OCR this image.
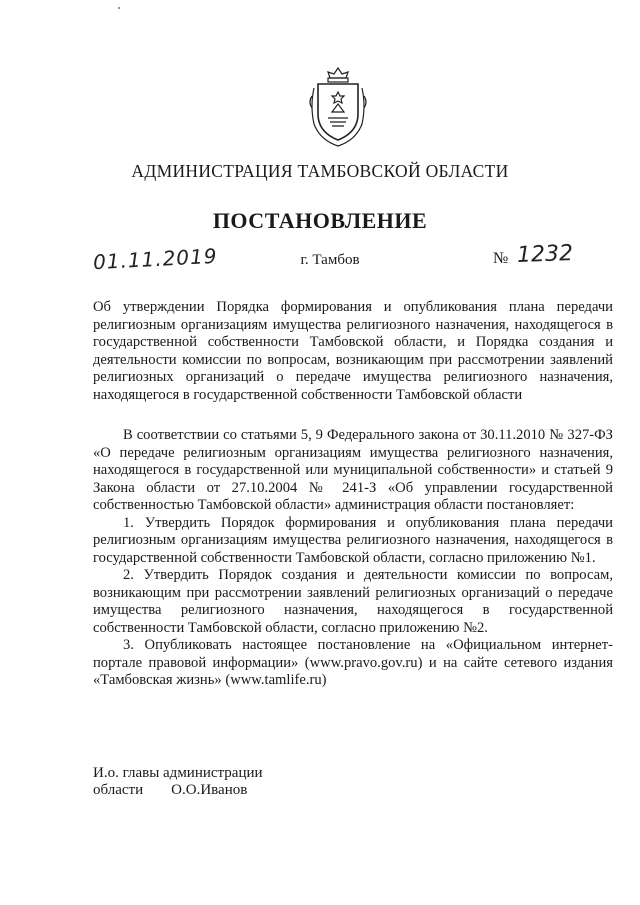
АДМИНИСТРАЦИЯ ТАМБОВСКОЙ ОБЛАСТИ
ПОСТАНОВЛЕНИЕ
01.11.2019	г. Тамбов	№ 1232
Об утверждении Порядка формирования и опубликования плана передачи религиозным организациям имущества религиозного назначения, находящегося в государственной собственности Тамбовской области, и Порядка создания и деятельности комиссии по вопросам, возникающим при рассмотрении заявлений религиозных организаций о передаче имущества религиозного назначения, находящегося в государственной собственности Тамбовской области

В соответствии со статьями 5, 9 Федерального закона от 30.11.2010 № 327-ФЗ «О передаче религиозным организациям имущества религиозного назначения, находящегося в государственной или муниципальной собственности» и статьей 9 Закона области от 27.10.2004 № 241-З «Об управлении государственной собственностью Тамбовской области» администрация области постановляет:

1. Утвердить Порядок формирования и опубликования плана передачи религиозным организациям имущества религиозного назначения, находящегося в государственной собственности Тамбовской области, согласно приложению №1.

2. Утвердить Порядок создания и деятельности комиссии по вопросам, возникающим при рассмотрении заявлений религиозных организаций о передаче имущества религиозного назначения, находящегося в государственной собственности Тамбовской области, согласно приложению №2.

3. Опубликовать настоящее постановление на «Официальном интернет-портале правовой информации» (www.pravo.gov.ru) и на сайте сетевого издания «Тамбовская жизнь» (www.tamlife.ru)

И.о. главы администрации
области О.О.Иванов
